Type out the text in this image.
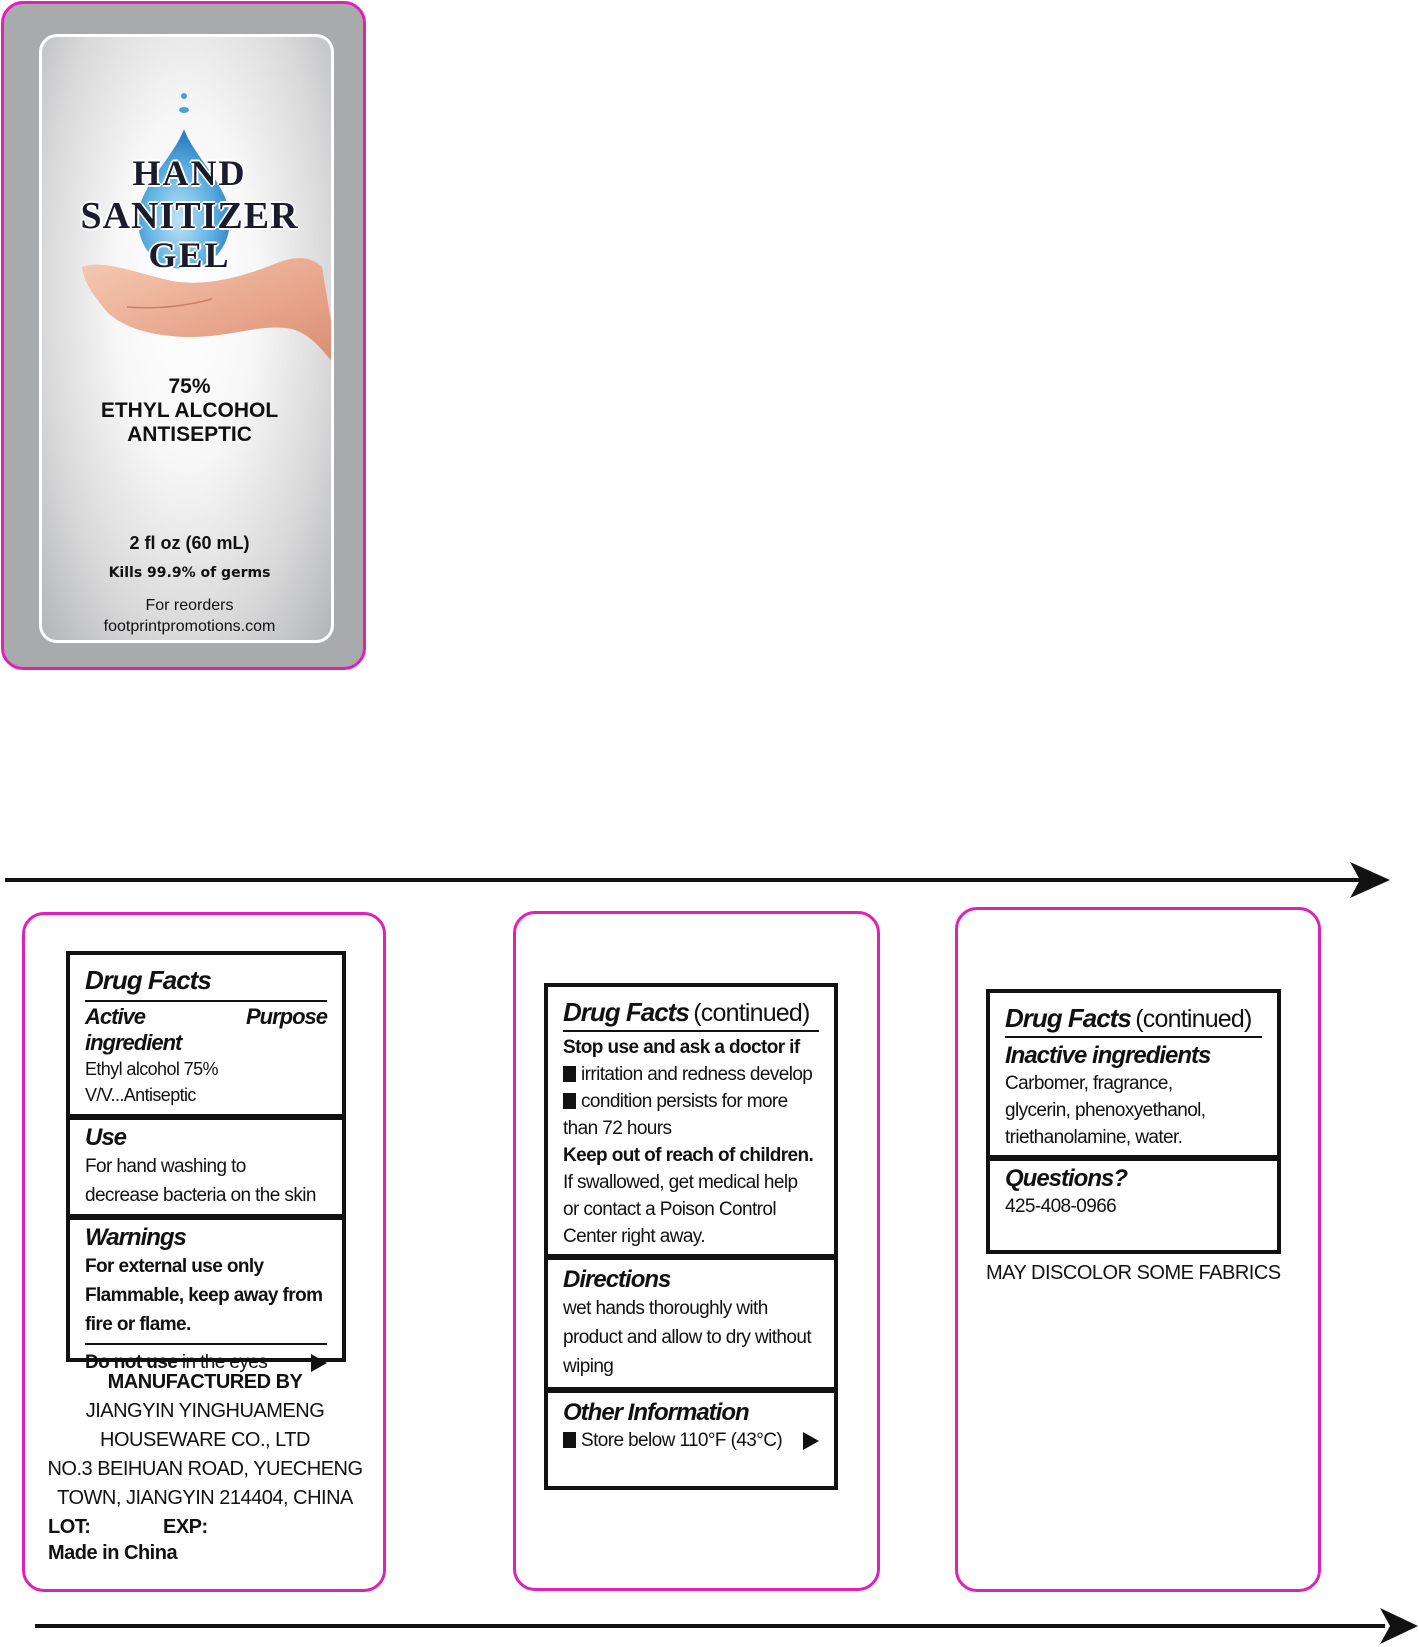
HAND
SANITIZER
GEL
75%
ETHYL ALCOHOL
ANTISEPTIC
2 fl oz (60 mL)
Kills 99.9% of germs
For reorders
footprintpromotions.com
Drug Facts
Active ingredient
Purpose
Ethyl alcohol 75% V/V...Antiseptic
Use
For hand washing to
decrease bacteria on the skin
Warnings
For external use only
Flammable, keep away from
fire or flame.
Do not use in the eyes
MANUFACTURED BY
JIANGYIN YINGHUAMENG
HOUSEWARE CO., LTD
NO.3 BEIHUAN ROAD, YUECHENG
TOWN, JIANGYIN 214404, CHINA
LOT:	EXP:
Made in China
Drug Facts (continued)
Stop use and ask a doctor if
irritation and redness develop
condition persists for more
than 72 hours
Keep out of reach of children.
If swallowed, get medical help
or contact a Poison Control
Center right away.
Directions
wet hands thoroughly with
product and allow to dry without
wiping
Other Information
Store below 110°F (43°C)
Drug Facts (continued)
Inactive ingredients
Carbomer, fragrance,
glycerin, phenoxyethanol,
triethanolamine, water.
Questions?
425-408-0966
MAY DISCOLOR SOME FABRICS
